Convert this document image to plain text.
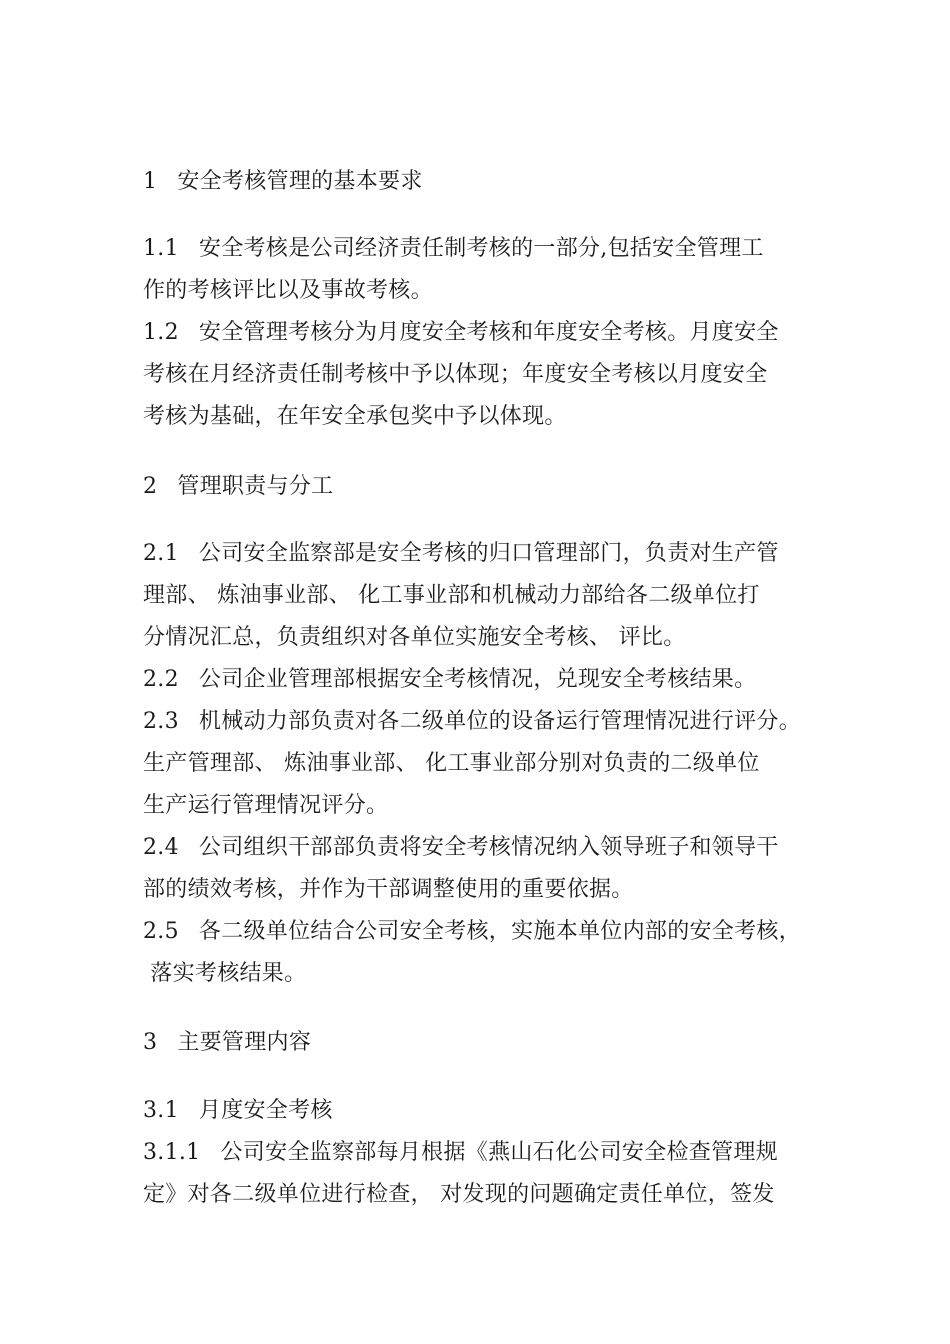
1 安全考核管理的基本要求
1.1 安全考核是公司经济责任制考核的一部分,包括安全管理工
作的考核评比以及事故考核。
1.2 安全管理考核分为月度安全考核和年度安全考核。月度安全
考核在月经济责任制考核中予以体现；年度安全考核以月度安全
考核为基础，在年安全承包奖中予以体现。
2 管理职责与分工
2.1 公司安全监察部是安全考核的归口管理部门，负责对生产管
理部、 炼油事业部、 化工事业部和机械动力部给各二级单位打
分情况汇总，负责组织对各单位实施安全考核、 评比。
2.2 公司企业管理部根据安全考核情况，兑现安全考核结果。
2.3 机械动力部负责对各二级单位的设备运行管理情况进行评分。
生产管理部、 炼油事业部、 化工事业部分别对负责的二级单位
生产运行管理情况评分。
2.4 公司组织干部部负责将安全考核情况纳入领导班子和领导干
部的绩效考核，并作为干部调整使用的重要依据。
2.5 各二级单位结合公司安全考核，实施本单位内部的安全考核，
落实考核结果。
3 主要管理内容
3.1 月度安全考核
3.1.1 公司安全监察部每月根据《燕山石化公司安全检查管理规
定》对各二级单位进行检查， 对发现的问题确定责任单位，签发
